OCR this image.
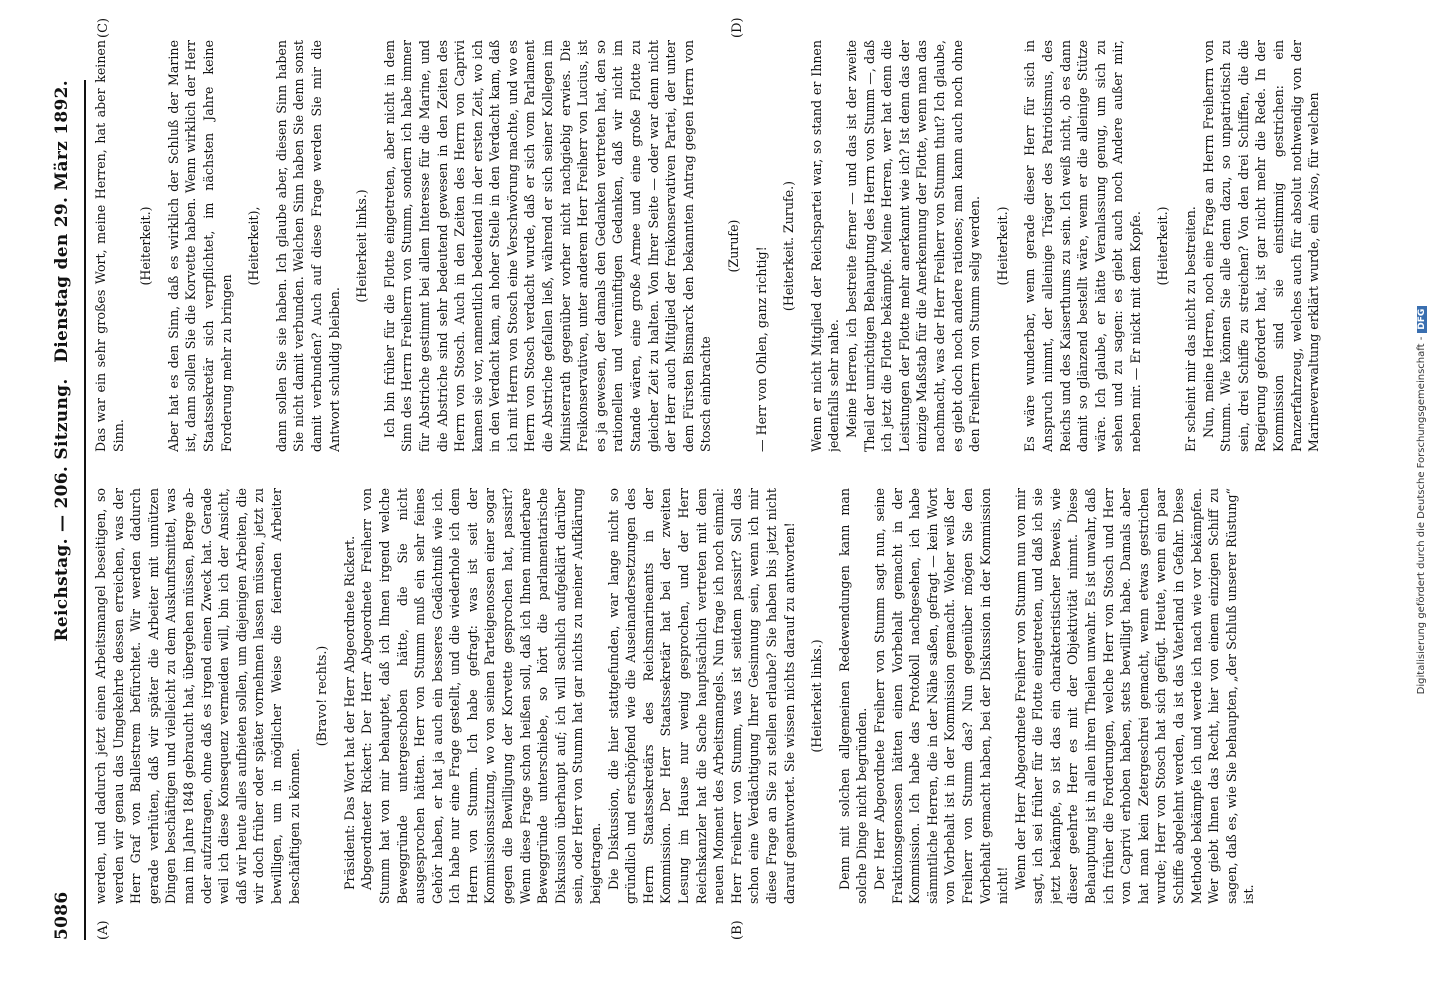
5086
Reichstag. — 206. Sitzung.
Dienstag den 29. März 1892.
(A)	(B)
(C)	(D)

werden, und dadurch jetzt einen Arbeitsmangel beseitigen, so werden wir genau das Umgekehrte dessen erreichen, was der Herr Graf von Ballestrem befürchtet. Wir werden dadurch gerade verhüten, daß wir später die Arbeiter mit unnützen Dingen beschäftigen und vielleicht zu dem Auskunftsmittel, was man im Jahre 1848 gebraucht hat, übergehen müssen, Berge ab- oder aufzutragen, ohne daß es irgend einen Zweck hat. Gerade weil ich diese Konsequenz vermeiden will, bin ich der Ansicht, daß wir heute alles aufbieten sollen, um diejenigen Arbeiten, die wir doch früher oder später vornehmen lassen müssen, jetzt zu bewilligen, um in möglicher Weise die feiernden Arbeiter beschäftigen zu können.

(Bravo! rechts.) Präsident: Das Wort hat der Herr Abgeordnete Rickert. Abgeordneter Rickert: Der Herr Abgeordnete Freiherr von Stumm hat von mir behauptet, daß ich Ihnen irgend welche Beweggründe untergeschoben hätte, die Sie nicht ausgesprochen hätten. Herr von Stumm muß ein sehr feines Gehör haben, er hat ja auch ein besseres Gedächtniß wie ich. Ich habe nur eine Frage gestellt, und die wiederhole ich dem Herrn von Stumm. Ich habe gefragt: was ist seit der Kommissionssitzung, wo von seinen Parteigenossen einer sogar gegen die Bewilligung der Korvette gesprochen hat, passirt? Wenn diese Frage schon heißen soll, daß ich Ihnen minderbare Beweggründe unterschiebe, so hört die parlamentarische Diskussion überhaupt auf; ich will sachlich aufgeklärt darüber sein, oder Herr von Stumm hat gar nichts zu meiner Aufklärung beigetragen. Die Diskussion, die hier stattgefunden, war lange nicht so gründlich und erschöpfend wie die Auseinandersetzungen des Herrn Staatssekretärs des Reichsmarineamts in der Kommission. Der Herr Staatssekretär hat bei der zweiten Lesung im Hause nur wenig gesprochen, und der Herr Reichskanzler hat die Sache hauptsächlich vertreten mit dem neuen Moment des Arbeitsmangels. Nun frage ich noch einmal: Herr Freiherr von Stumm, was ist seitdem passirt? Soll das schon eine Verdächtigung Ihrer Gesinnung sein, wenn ich mir diese Frage an Sie zu stellen erlaube? Sie haben bis jetzt nicht darauf geantwortet. Sie wissen nichts darauf zu antworten! (Heiterkeit links.) Denn mit solchen allgemeinen Redewendungen kann man solche Dinge nicht begründen. Der Herr Abgeordnete Freiherr von Stumm sagt nun, seine Fraktionsgenossen hätten einen Vorbehalt gemacht in der Kommission. Ich habe das Protokoll nachgesehen, ich habe sämmtliche Herren, die in der Nähe saßen, gefragt — kein Wort von Vorbehalt ist in der Kommission gemacht. Woher weiß der Freiherr von Stumm das? Nun gegenüber mögen Sie den Vorbehalt gemacht haben, bei der Diskussion in der Kommission nicht! Wenn der Herr Abgeordnete Freiherr von Stumm nun von mir sagt, ich sei früher für die Flotte eingetreten, und daß ich sie jetzt bekämpfe, so ist das ein charakteristischer Beweis, wie dieser geehrte Herr es mit der Objektivität nimmt. Diese Behauptung ist in allen ihren Theilen unwahr. Es ist unwahr, daß ich früher die Forderungen, welche Herr von Stosch und Herr von Caprivi erhoben haben, stets bewilligt habe. Damals aber hat man kein Zetergeschrei gemacht, wenn etwas gestrichen wurde; Herr von Stosch hat sich gefügt. Heute, wenn ein paar Schiffe abgelehnt werden, da ist das Vaterland in Gefahr. Diese Methode bekämpfe ich und werde ich nach wie vor bekämpfen. Wer giebt Ihnen das Recht, hier von einem einzigen Schiff zu sagen, daß es, wie Sie behaupten, „der Schluß unserer Rüstung“ ist.

Das war ein sehr großes Wort, meine Herren, hat aber keinen Sinn.

(Heiterkeit.) Aber hat es den Sinn, daß es wirklich der Schluß der Marine ist, dann sollen Sie die Korvette haben. Wenn wirklich der Herr Staatssekretär sich verpflichtet, im nächsten Jahre keine Forderung mehr zu bringen

(Heiterkeit), dann sollen Sie sie haben. Ich glaube aber, diesen Sinn haben Sie nicht damit verbunden. Welchen Sinn haben Sie denn sonst damit verbunden? Auch auf diese Frage werden Sie mir die Antwort schuldig bleiben.

(Heiterkeit links.) Ich bin früher für die Flotte eingetreten, aber nicht in dem Sinn des Herrn Freiherrn von Stumm, sondern ich habe immer für Abstriche gestimmt bei allem Interesse für die Marine, und die Abstriche sind sehr bedeutend gewesen in den Zeiten des Herrn von Stosch. Auch in den Zeiten des Herrn von Caprivi kamen sie vor, namentlich bedeutend in der ersten Zeit, wo ich in den Verdacht kam, an hoher Stelle in den Verdacht kam, daß ich mit Herrn von Stosch eine Verschwörung machte, und wo es Herrn von Stosch verdacht wurde, daß er sich vom Parlament die Abstriche gefallen ließ, während er sich seiner Kollegen im Ministerrath gegenüber vorher nicht nachgiebig erwies. Die Freikonservativen, unter anderem Herr Freiherr von Lucius, ist es ja gewesen, der damals den Gedanken vertreten hat, den so rationellen und vernünftigen Gedanken, daß wir nicht im Stande wären, eine große Armee und eine große Flotte zu gleicher Zeit zu halten. Von Ihrer Seite — oder war denn nicht der Herr auch Mitglied der freikonservativen Partei, der unter dem Fürsten Bismarck den bekannten Antrag gegen Herrn von Stosch einbrachte

(Zurufe)

— Herr von Ohlen, ganz richtig!

(Heiterkeit. Zurufe.) Wenn er nicht Mitglied der Reichspartei war, so stand er Ihnen jedenfalls sehr nahe. Meine Herren, ich bestreite ferner — und das ist der zweite Theil der unrichtigen Behauptung des Herrn von Stumm —, daß ich jetzt die Flotte bekämpfe. Meine Herren, wer hat denn die Leistungen der Flotte mehr anerkannt wie ich? Ist denn das der einzige Maßstab für die Anerkennung der Flotte, wenn man das nachmacht, was der Herr Freiherr von Stumm thut? Ich glaube, es giebt doch noch andere rationes; man kann auch noch ohne den Freiherrn von Stumm selig werden. (Heiterkeit.) Es wäre wunderbar, wenn gerade dieser Herr für sich in Anspruch nimmt, der alleinige Träger des Patriotismus, des Reichs und des Kaiserthums zu sein. Ich weiß nicht, ob es dann damit so glänzend bestellt wäre, wenn er die alleinige Stütze wäre. Ich glaube, er hätte Veranlassung genug, um sich zu sehen und zu sagen: es giebt auch noch Andere außer mir, neben mir. — Er nickt mit dem Kopfe. (Heiterkeit.) Er scheint mir das nicht zu bestreiten. Nun, meine Herren, noch eine Frage an Herrn Freiherrn von Stumm. Wie können Sie alle denn dazu, so unpatriotisch zu sein, drei Schiffe zu streichen? Von den drei Schiffen, die die Regierung gefordert hat, ist gar nicht mehr die Rede. In der Kommission sind sie einstimmig gestrichen: ein Panzerfahrzeug, welches auch für absolut nothwendig von der Marineverwaltung erklärt wurde, ein Aviso, für welchen

Digitalisierung gefördert durch die Deutsche Forschungsgemeinschaft -DFG
